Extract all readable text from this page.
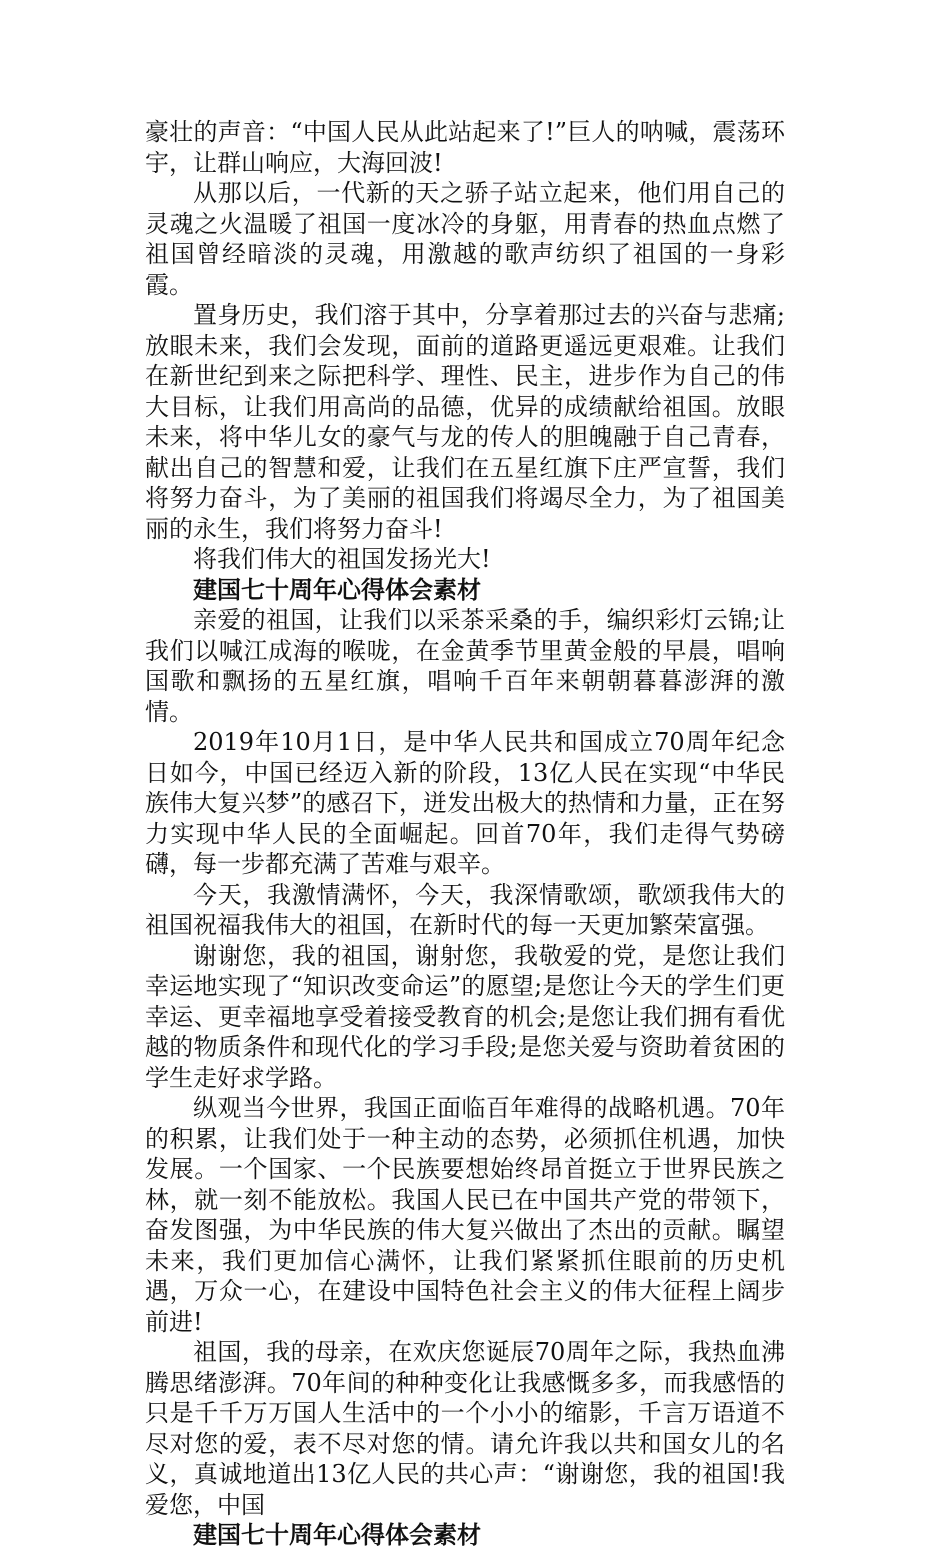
豪壮的声音：“中国人民从此站起来了!”巨人的呐喊，震荡环宇，让群山响应，大海回波!

从那以后，一代新的天之骄子站立起来，他们用自己的灵魂之火温暖了祖国一度冰冷的身躯，用青春的热血点燃了祖国曾经暗淡的灵魂，用激越的歌声纺织了祖国的一身彩霞。

置身历史，我们溶于其中，分享着那过去的兴奋与悲痛;放眼未来，我们会发现，面前的道路更遥远更艰难。让我们在新世纪到来之际把科学、理性、民主，进步作为自己的伟大目标，让我们用高尚的品德，优异的成绩献给祖国。放眼未来，将中华儿女的豪气与龙的传人的胆魄融于自己青春，献出自己的智慧和爱，让我们在五星红旗下庄严宣誓，我们将努力奋斗，为了美丽的祖国我们将竭尽全力，为了祖国美丽的永生，我们将努力奋斗!

将我们伟大的祖国发扬光大!

建国七十周年心得体会素材

亲爱的祖国，让我们以采茶采桑的手，编织彩灯云锦;让我们以喊江成海的喉咙，在金黄季节里黄金般的早晨，唱响国歌和飘扬的五星红旗，唱响千百年来朝朝暮暮澎湃的激情。

2019年10月1日，是中华人民共和国成立70周年纪念日如今，中国已经迈入新的阶段，13亿人民在实现“中华民族伟大复兴梦”的感召下，迸发出极大的热情和力量，正在努力实现中华人民的全面崛起。回首70年，我们走得气势磅礴，每一步都充满了苦难与艰辛。

今天，我激情满怀，今天，我深情歌颂，歌颂我伟大的祖国祝福我伟大的祖国，在新时代的每一天更加繁荣富强。

谢谢您，我的祖国，谢射您，我敬爱的党，是您让我们幸运地实现了“知识改变命运”的愿望;是您让今天的学生们更幸运、更幸福地享受着接受教育的机会;是您让我们拥有看优越的物质条件和现代化的学习手段;是您关爱与资助着贫困的学生走好求学路。

纵观当今世界，我国正面临百年难得的战略机遇。70年的积累，让我们处于一种主动的态势，必须抓住机遇，加快发展。一个国家、一个民族要想始终昂首挺立于世界民族之林，就一刻不能放松。我国人民已在中国共产党的带领下，奋发图强，为中华民族的伟大复兴做出了杰出的贡献。瞩望未来，我们更加信心满怀，让我们紧紧抓住眼前的历史机遇，万众一心，在建设中国特色社会主义的伟大征程上阔步前进!

祖国，我的母亲，在欢庆您诞辰70周年之际，我热血沸腾思绪澎湃。70年间的种种变化让我感慨多多，而我感悟的只是千千万万国人生活中的一个小小的缩影，千言万语道不尽对您的爱，表不尽对您的情。请允许我以共和国女儿的名义，真诚地道出13亿人民的共心声：“谢谢您，我的祖国!我爱您，中国

建国七十周年心得体会素材
